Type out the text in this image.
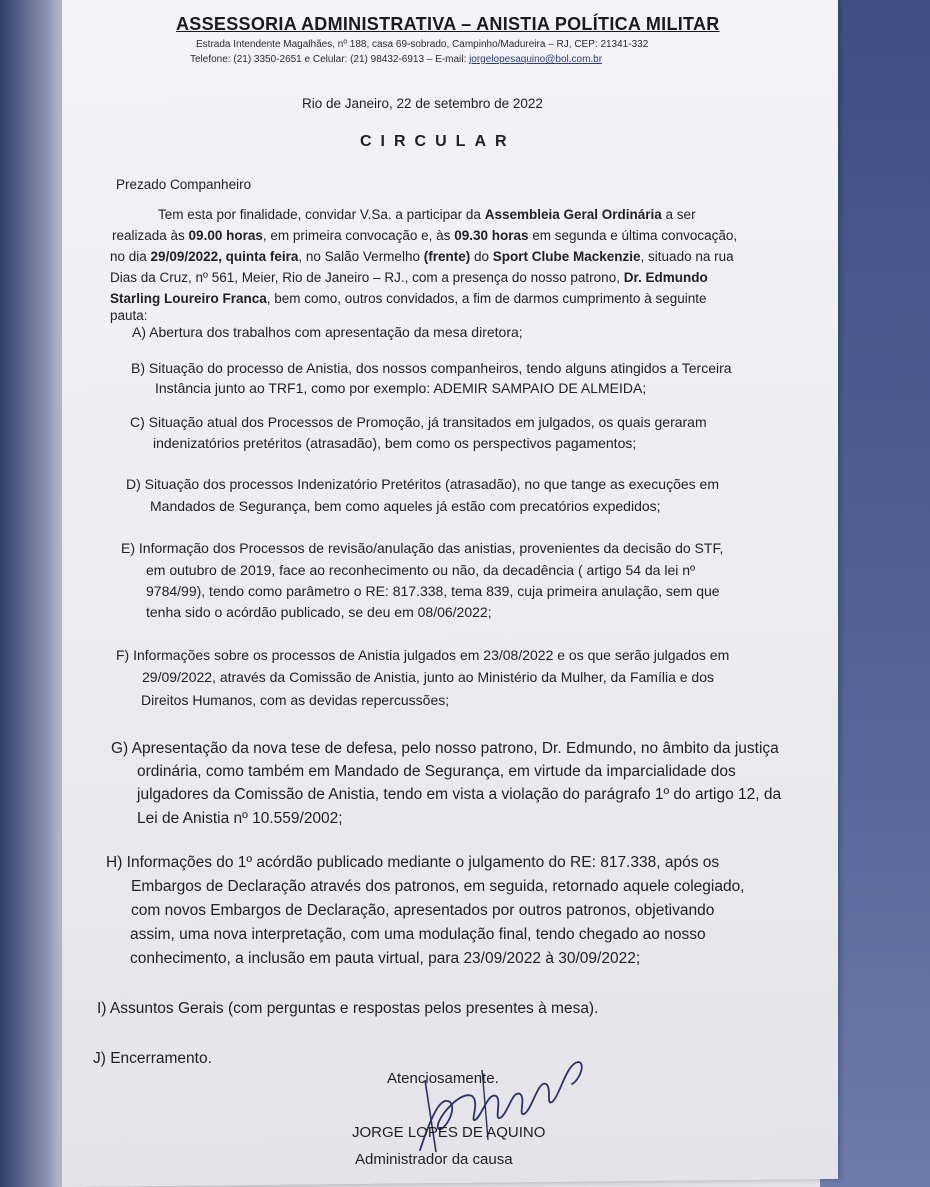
ASSESSORIA ADMINISTRATIVA – ANISTIA POLÍTICA MILITAR
Estrada Intendente Magalhães, nº 188, casa 69-sobrado, Campinho/Madureira – RJ, CEP: 21341-332
Telefone: (21) 3350-2651 e Celular: (21) 98432-6913 – E-mail: jorgelopesaquino@bol.com.br
Rio de Janeiro, 22 de setembro de 2022
CIRCULAR
Prezado Companheiro
Tem esta por finalidade, convidar V.Sa. a participar da Assembleia Geral Ordinária a ser
realizada às 09.00 horas, em primeira convocação e, às 09.30 horas em segunda e última convocação,
no dia 29/09/2022, quinta feira, no Salão Vermelho (frente) do Sport Clube Mackenzie, situado na rua
Dias da Cruz, nº 561, Meier, Rio de Janeiro – RJ., com a presença do nosso patrono, Dr. Edmundo
Starling Loureiro Franca, bem como, outros convidados, a fim de darmos cumprimento à seguinte
pauta:
A) Abertura dos trabalhos com apresentação da mesa diretora;
B) Situação do processo de Anistia, dos nossos companheiros, tendo alguns atingidos a Terceira
Instância junto ao TRF1, como por exemplo: ADEMIR SAMPAIO DE ALMEIDA;
C) Situação atual dos Processos de Promoção, já transitados em julgados, os quais geraram
indenizatórios pretéritos (atrasadão), bem como os perspectivos pagamentos;
D) Situação dos processos Indenizatório Pretéritos (atrasadão), no que tange as execuções em
Mandados de Segurança, bem como aqueles já estão com precatórios expedidos;
E) Informação dos Processos de revisão/anulação das anistias, provenientes da decisão do STF,
em outubro de 2019, face ao reconhecimento ou não, da decadência ( artigo 54 da lei nº
9784/99), tendo como parâmetro o RE: 817.338, tema 839, cuja primeira anulação, sem que
tenha sido o acórdão publicado, se deu em 08/06/2022;
F) Informações sobre os processos de Anistia julgados em 23/08/2022 e os que serão julgados em
29/09/2022, através da Comissão de Anistia, junto ao Ministério da Mulher, da Família e dos
Direitos Humanos, com as devidas repercussões;
G) Apresentação da nova tese de defesa, pelo nosso patrono, Dr. Edmundo, no âmbito da justiça
ordinária, como também em Mandado de Segurança, em virtude da imparcialidade dos
julgadores da Comissão de Anistia, tendo em vista a violação do parágrafo 1º do artigo 12, da
Lei de Anistia nº 10.559/2002;
H) Informações do 1º acórdão publicado mediante o julgamento do RE: 817.338, após os
Embargos de Declaração através dos patronos, em seguida, retornado aquele colegiado,
com novos Embargos de Declaração, apresentados por outros patronos, objetivando
assim, uma nova interpretação, com uma modulação final, tendo chegado ao nosso
conhecimento, a inclusão em pauta virtual, para 23/09/2022 à 30/09/2022;
I) Assuntos Gerais (com perguntas e respostas pelos presentes à mesa).
J) Encerramento.
Atenciosamente.
JORGE LOPES DE AQUINO
Administrador da causa
